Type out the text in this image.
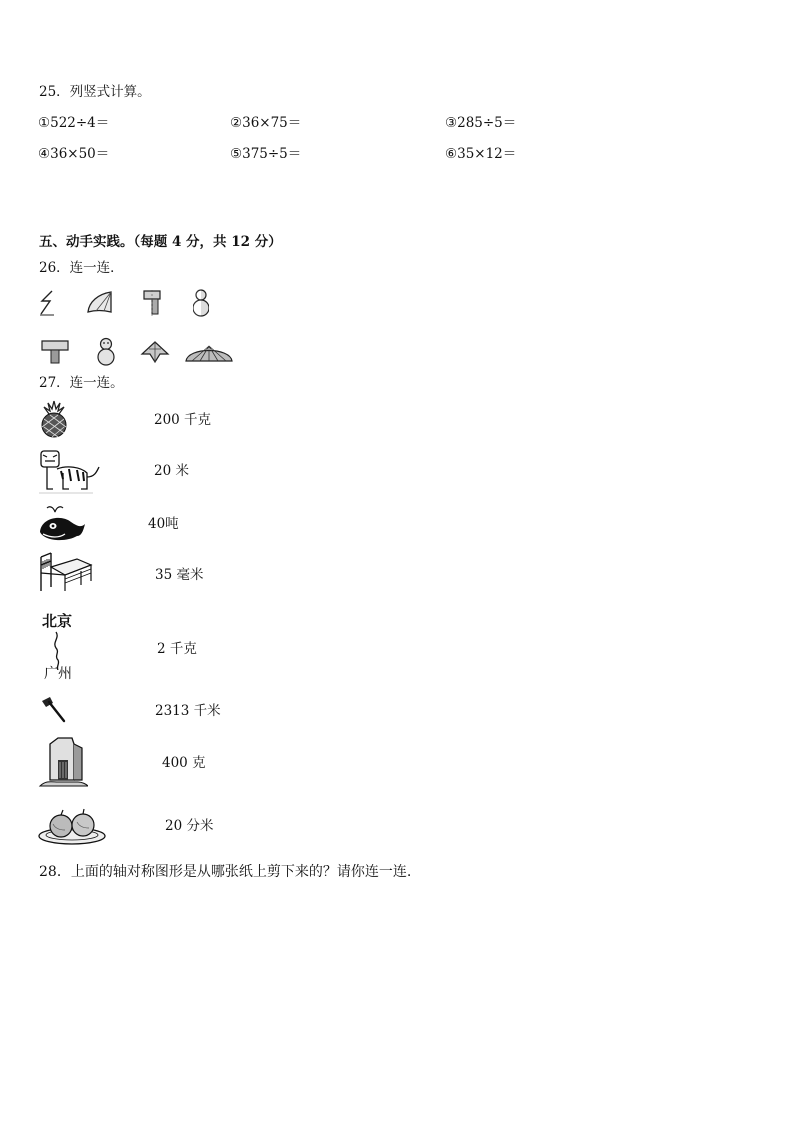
25．列竖式计算。
①522÷4＝	②36×75＝	③285÷5＝
④36×50＝	⑤375÷5＝	⑥35×12＝
五、动手实践。（每题 4 分，共 12 分）
26．连一连．
27．连一连。
200 千克
20 米
40吨
35 毫米
北京
广州
2 千克
2313 千米
400 克
20 分米
28．上面的轴对称图形是从哪张纸上剪下来的？请你连一连.
